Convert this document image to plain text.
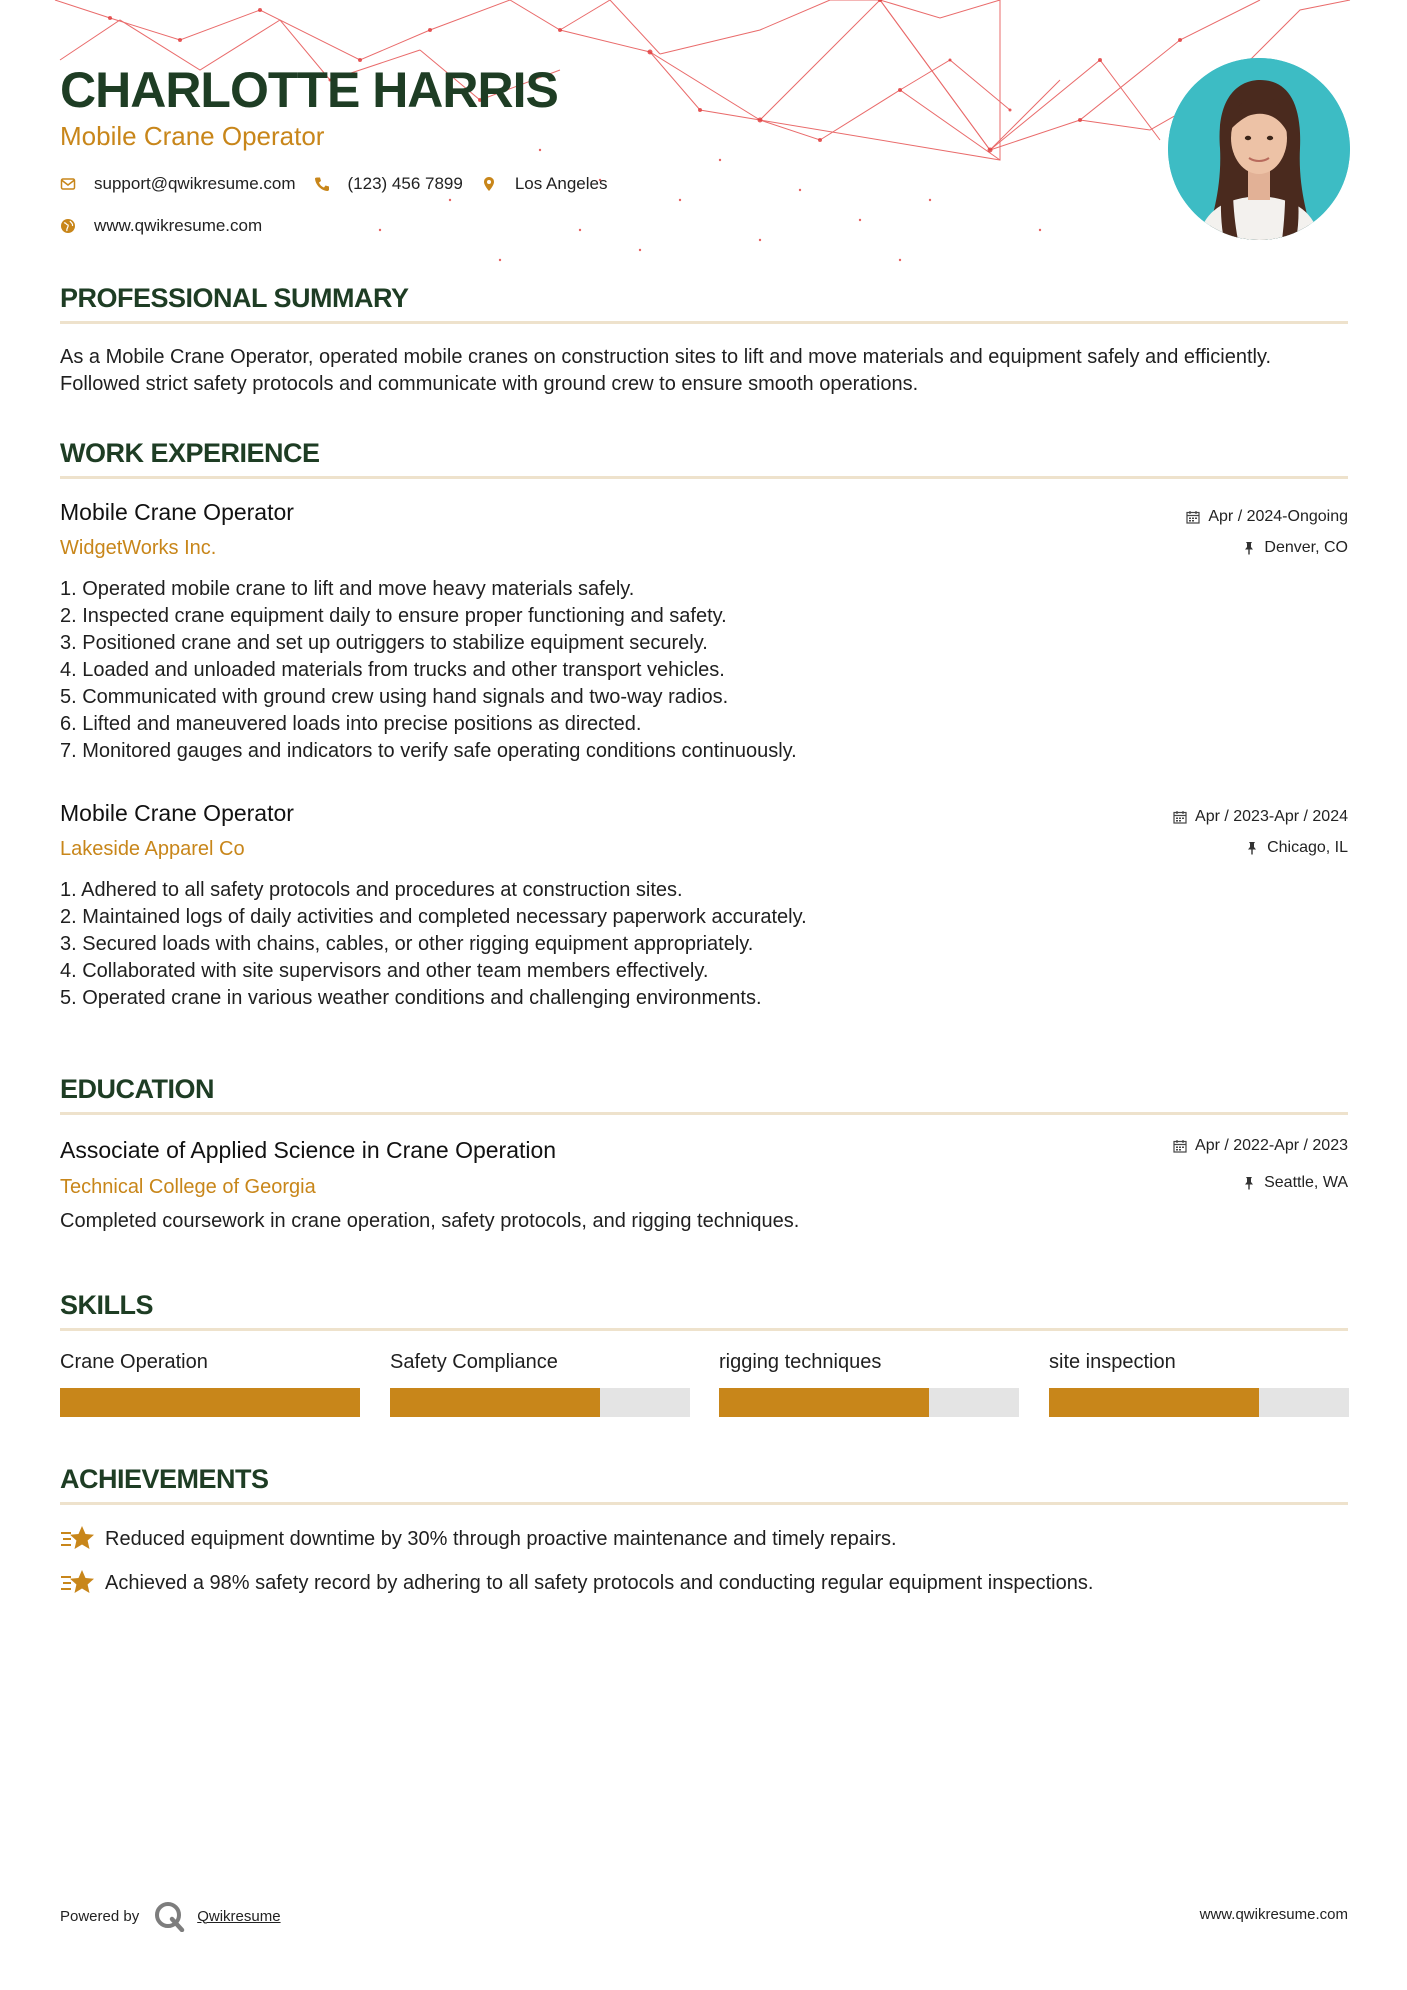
CHARLOTTE HARRIS
Mobile Crane Operator
support@qwikresume.com	(123) 456 7899	Los Angeles
www.qwikresume.com
PROFESSIONAL SUMMARY

As a Mobile Crane Operator, operated mobile cranes on construction sites to lift and move materials and equipment safely and efficiently. Followed strict safety protocols and communicate with ground crew to ensure smooth operations.

WORK EXPERIENCE
Mobile Crane Operator
WidgetWorks Inc.
Apr / 2024-Ongoing
Denver, CO
1. Operated mobile crane to lift and move heavy materials safely.
2. Inspected crane equipment daily to ensure proper functioning and safety.
3. Positioned crane and set up outriggers to stabilize equipment securely.
4. Loaded and unloaded materials from trucks and other transport vehicles.
5. Communicated with ground crew using hand signals and two-way radios.
6. Lifted and maneuvered loads into precise positions as directed.
7. Monitored gauges and indicators to verify safe operating conditions continuously.
Mobile Crane Operator
Lakeside Apparel Co
Apr / 2023-Apr / 2024
Chicago, IL
1. Adhered to all safety protocols and procedures at construction sites.
2. Maintained logs of daily activities and completed necessary paperwork accurately.
3. Secured loads with chains, cables, or other rigging equipment appropriately.
4. Collaborated with site supervisors and other team members effectively.
5. Operated crane in various weather conditions and challenging environments.
EDUCATION
Associate of Applied Science in Crane Operation
Technical College of Georgia
Apr / 2022-Apr / 2023
Seattle, WA

Completed coursework in crane operation, safety protocols, and rigging techniques.

SKILLS
Crane Operation	Safety Compliance	rigging techniques	site inspection
ACHIEVEMENTS
Reduced equipment downtime by 30% through proactive maintenance and timely repairs.
Achieved a 98% safety record by adhering to all safety protocols and conducting regular equipment inspections.
Powered by	Qwikresume	www.qwikresume.com
